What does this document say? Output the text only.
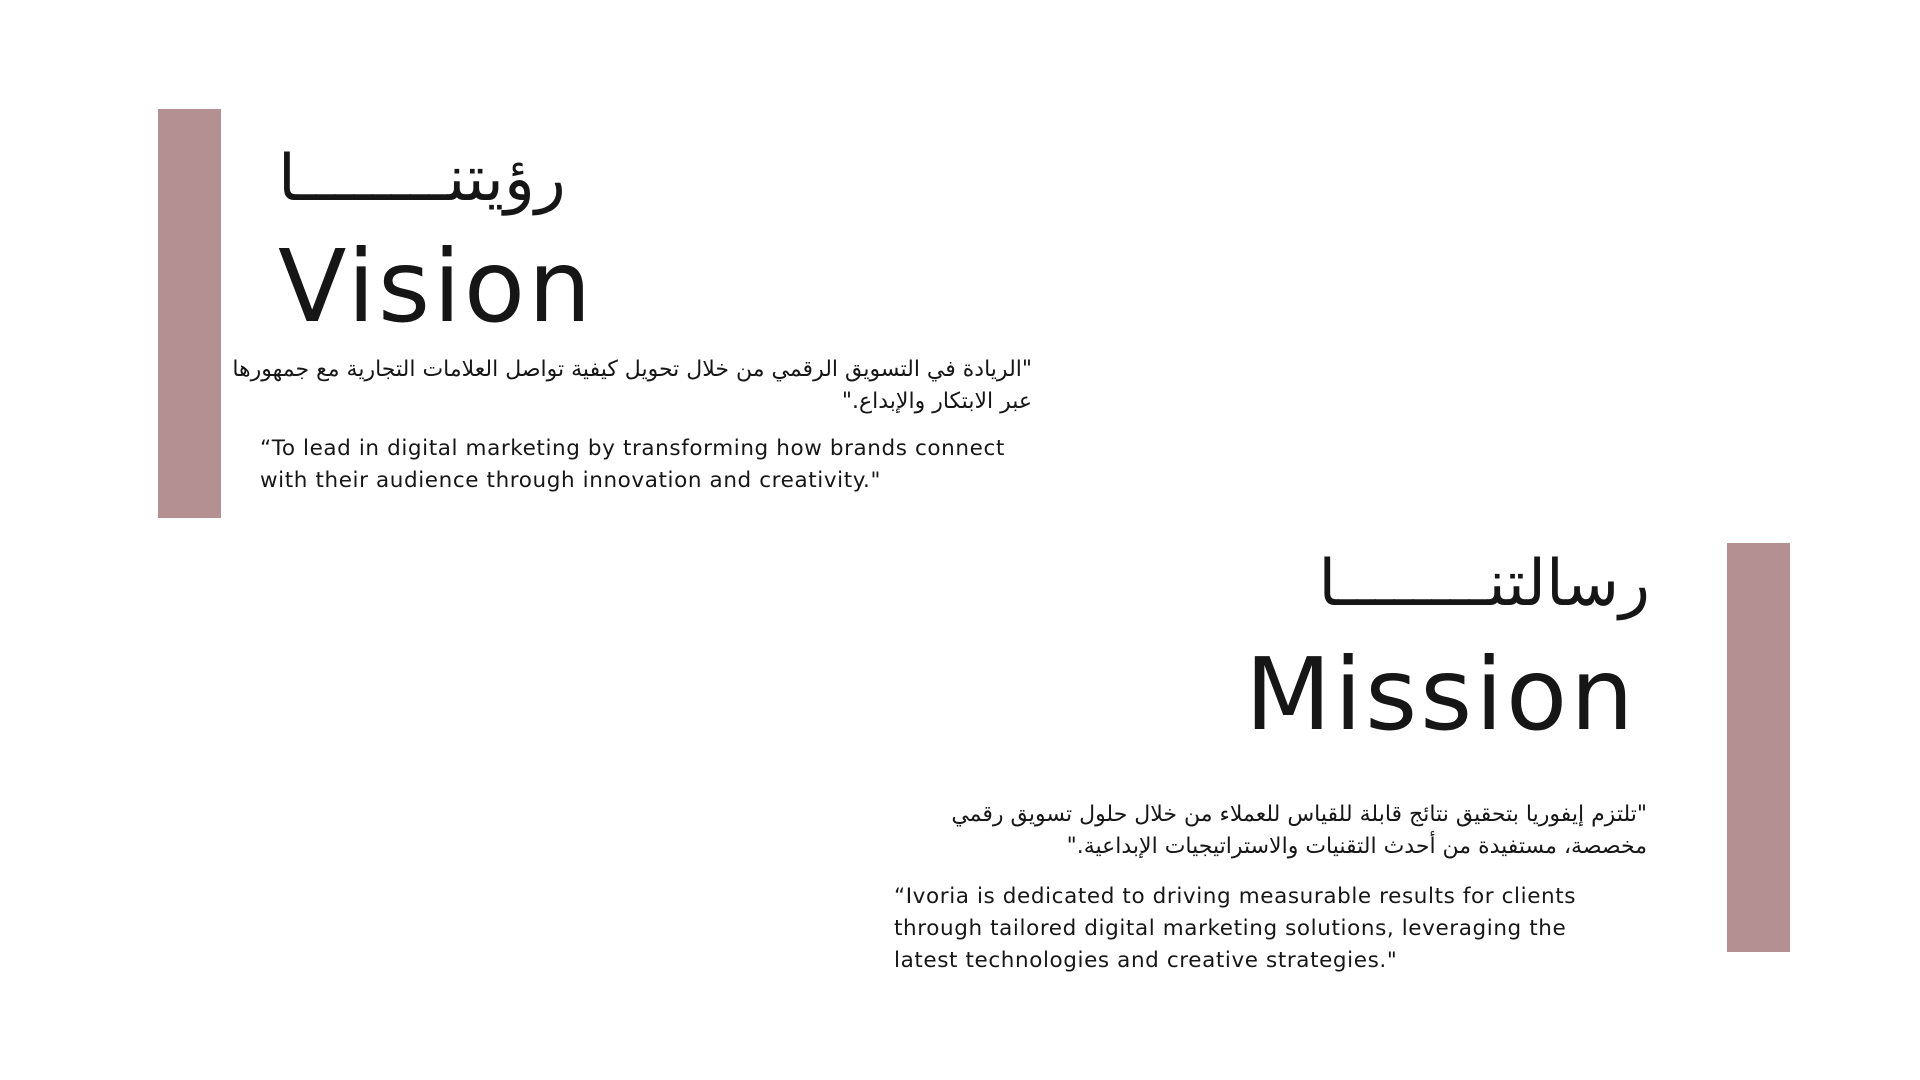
رؤيتنــــــــا
Vision
"الريادة في التسويق الرقمي من خلال تحويل كيفية تواصل العلامات التجارية مع جمهورها عبر الابتكار والإبداع."
“To lead in digital marketing by transforming how brands connect with their audience through innovation and creativity."
رسالتنــــــــا
Mission
"تلتزم إيفوريا بتحقيق نتائج قابلة للقياس للعملاء من خلال حلول تسويق رقمي مخصصة، مستفيدة من أحدث التقنيات والاستراتيجيات الإبداعية."
“Ivoria is dedicated to driving measurable results for clients through tailored digital marketing solutions, leveraging the latest technologies and creative strategies."
